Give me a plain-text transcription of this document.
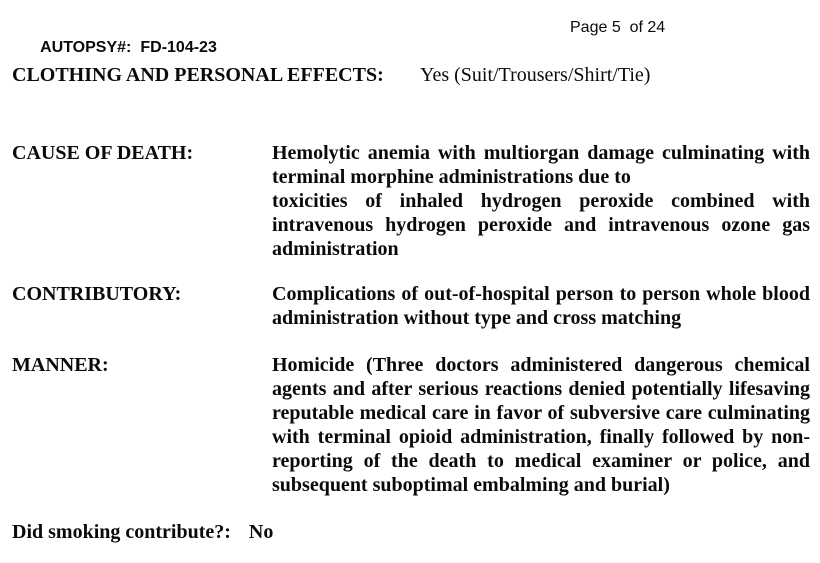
AUTOPSY#: FD-104-23

Page 5  of 24
CLOTHING AND PERSONAL EFFECTS: Yes (Suit/Trousers/Shirt/Tie)
CAUSE OF DEATH:	Hemolytic anemia with multiorgan damage culminating with terminal morphine administrations due to

toxicities of inhaled hydrogen peroxide combined with intravenous hydrogen peroxide and intravenous ozone gas administration

CONTRIBUTORY:	Complications of out-of-hospital person to person whole blood administration without type and cross matching

MANNER:	Homicide (Three doctors administered dangerous chemical agents and after serious reactions denied potentially lifesaving reputable medical care in favor of subversive care culminating with terminal opioid administration, finally followed by non-reporting of the death to medical examiner or police, and subsequent suboptimal embalming and burial)

Did smoking contribute?: No
